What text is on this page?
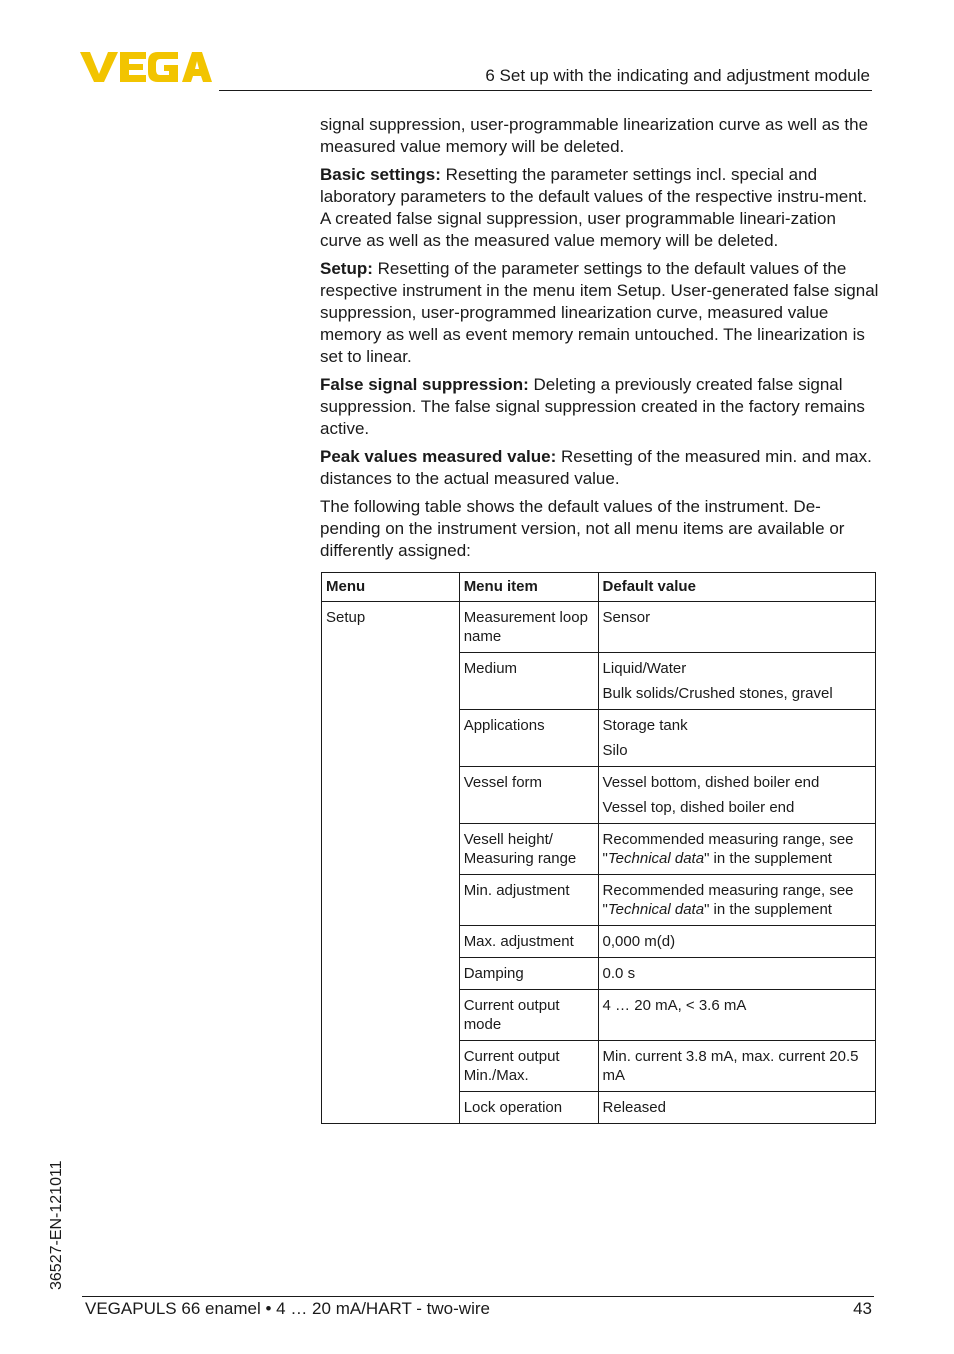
6 Set up with the indicating and adjustment module

signal suppression, user-programmable linearization curve as well as the measured value memory will be deleted.

Basic settings: Resetting the parameter settings incl. special and laboratory parameters to the default values of the respective instru-ment. A created false signal suppression, user programmable lineari-zation curve as well as the measured value memory will be deleted.

Setup: Resetting of the parameter settings to the default values of the respective instrument in the menu item Setup. User-generated false signal suppression, user-programmed linearization curve, measured value memory as well as event memory remain untouched. The linearization is set to linear.

False signal suppression: Deleting a previously created false signal suppression. The false signal suppression created in the factory remains active.

Peak values measured value: Resetting of the measured min. and max. distances to the actual measured value.

The following table shows the default values of the instrument. De-pending on the instrument version, not all menu items are available or differently assigned:

Menu	Menu item	Default value
Setup	Measurement loop name	Sensor

	Medium	Liquid/Water
Bulk solids/Crushed stones, gravel

	Applications	Storage tank
Silo

	Vessel form	Vessel bottom, dished boiler end
Vessel top, dished boiler end

	Vesell height/ Measuring range	Recommended measuring range, see "Technical data" in the supplement

	Min. adjustment	Recommended measuring range, see "Technical data" in the supplement

	Max. adjustment	0,000 m(d)

	Damping	0.0 s

	Current output mode	4 … 20 mA, < 3.6 mA

	Current output Min./Max.	Min. current 3.8 mA, max. current 20.5 mA

	Lock operation	Released
36527-EN-121011
VEGAPULS 66 enamel • 4 … 20 mA/HART - two-wire	43
